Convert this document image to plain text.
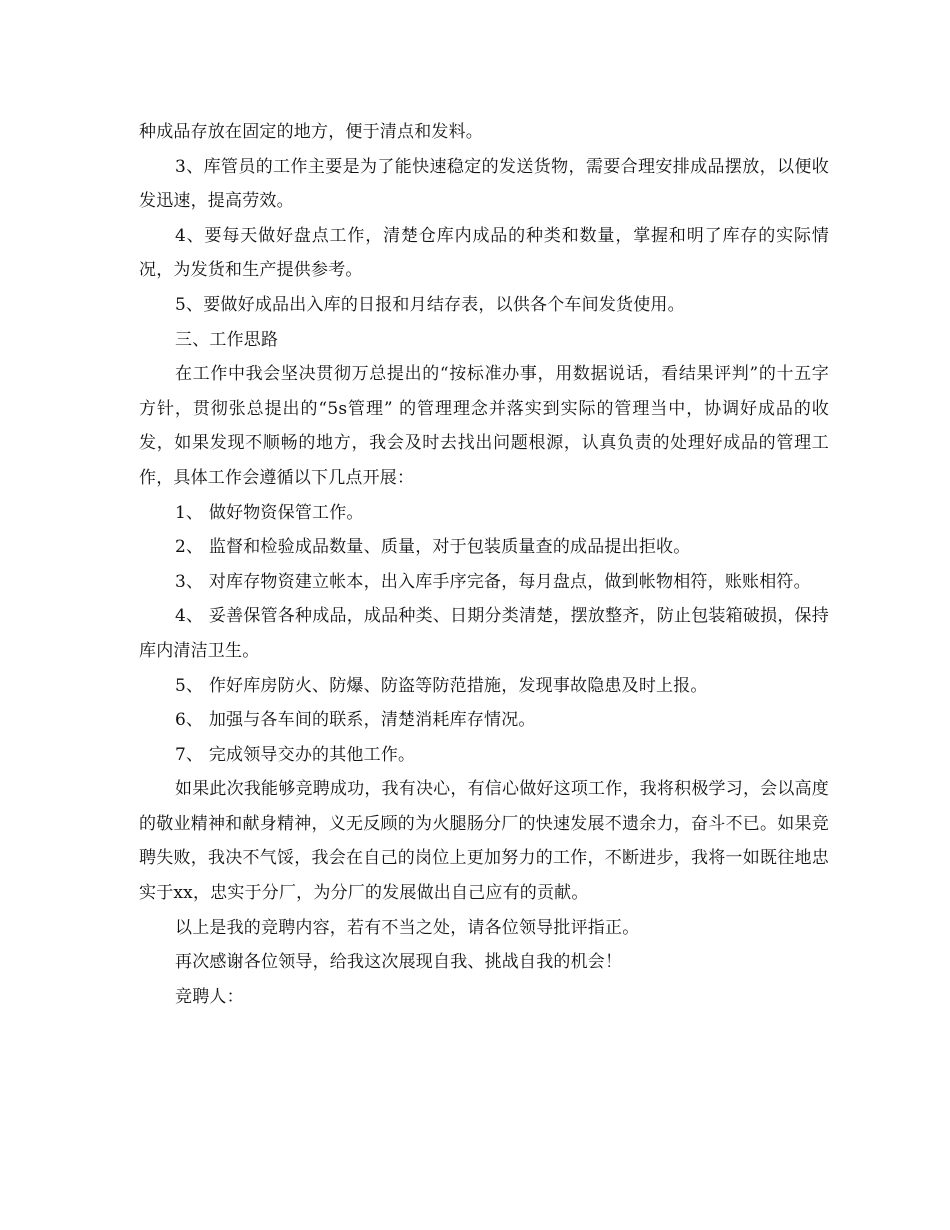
种成品存放在固定的地方，便于清点和发料。

3、库管员的工作主要是为了能快速稳定的发送货物，需要合理安排成品摆放，以便收发迅速，提高劳效。

4、要每天做好盘点工作，清楚仓库内成品的种类和数量，掌握和明了库存的实际情况，为发货和生产提供参考。

5、要做好成品出入库的日报和月结存表，以供各个车间发货使用。

三、工作思路

在工作中我会坚决贯彻万总提出的“按标准办事，用数据说话，看结果评判”的十五字方针，贯彻张总提出的“5s管理” 的管理理念并落实到实际的管理当中，协调好成品的收发，如果发现不顺畅的地方，我会及时去找出问题根源，认真负责的处理好成品的管理工作，具体工作会遵循以下几点开展：

1、 做好物资保管工作。

2、 监督和检验成品数量、质量，对于包装质量查的成品提出拒收。

3、 对库存物资建立帐本，出入库手序完备，每月盘点，做到帐物相符，账账相符。

4、 妥善保管各种成品，成品种类、日期分类清楚，摆放整齐，防止包装箱破损，保持库内清洁卫生。

5、 作好库房防火、防爆、防盗等防范措施，发现事故隐患及时上报。

6、 加强与各车间的联系，清楚消耗库存情况。

7、 完成领导交办的其他工作。

如果此次我能够竞聘成功，我有决心，有信心做好这项工作，我将积极学习，会以高度的敬业精神和献身精神，义无反顾的为火腿肠分厂的快速发展不遗余力，奋斗不已。如果竞聘失败，我决不气馁，我会在自己的岗位上更加努力的工作，不断进步，我将一如既往地忠实于xx，忠实于分厂，为分厂的发展做出自己应有的贡献。

以上是我的竞聘内容，若有不当之处，请各位领导批评指正。

再次感谢各位领导，给我这次展现自我、挑战自我的机会！

竞聘人：
